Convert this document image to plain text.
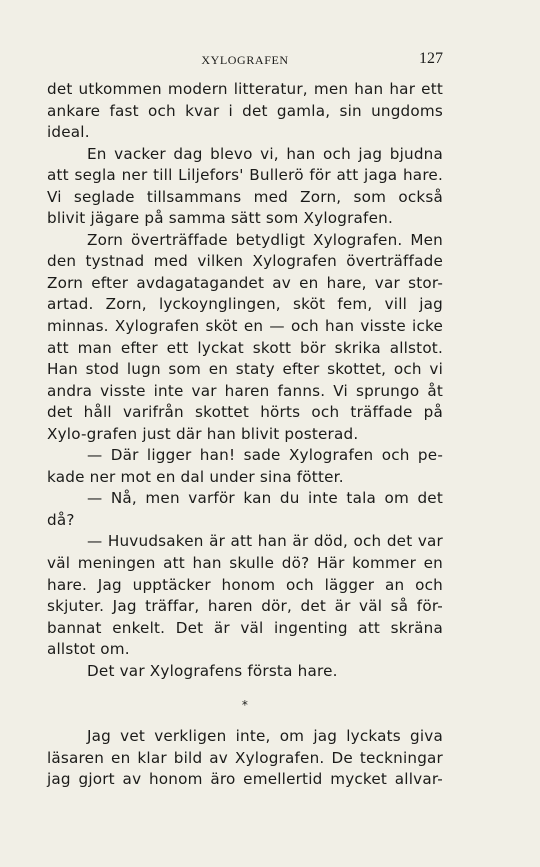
XYLOGRAFEN	127

det utkommen modern litteratur, men han har ett ankare fast och kvar i det gamla, sin ungdoms ideal.

En vacker dag blevo vi, han och jag bjudna att segla ner till Liljefors' Bullerö för att jaga hare. Vi seglade tillsammans med Zorn, som också blivit jägare på samma sätt som Xylografen.

Zorn överträffade betydligt Xylografen. Men den tystnad med vilken Xylografen överträffade Zorn efter avdagatagandet av en hare, var stor-artad. Zorn, lyckoynglingen, sköt fem, vill jag minnas. Xylografen sköt en — och han visste icke att man efter ett lyckat skott bör skrika allstot. Han stod lugn som en staty efter skottet, och vi andra visste inte var haren fanns. Vi sprungo åt det håll varifrån skottet hörts och träffade på Xylo-grafen just där han blivit posterad.

— Där ligger han! sade Xylografen och pe-kade ner mot en dal under sina fötter.

— Nå, men varför kan du inte tala om det då?

— Huvudsaken är att han är död, och det var väl meningen att han skulle dö? Här kommer en hare. Jag upptäcker honom och lägger an och skjuter. Jag träffar, haren dör, det är väl så för-bannat enkelt. Det är väl ingenting att skräna allstot om.

Det var Xylografens första hare.

*

Jag vet verkligen inte, om jag lyckats giva läsaren en klar bild av Xylografen. De teckningar jag gjort av honom äro emellertid mycket allvar-
